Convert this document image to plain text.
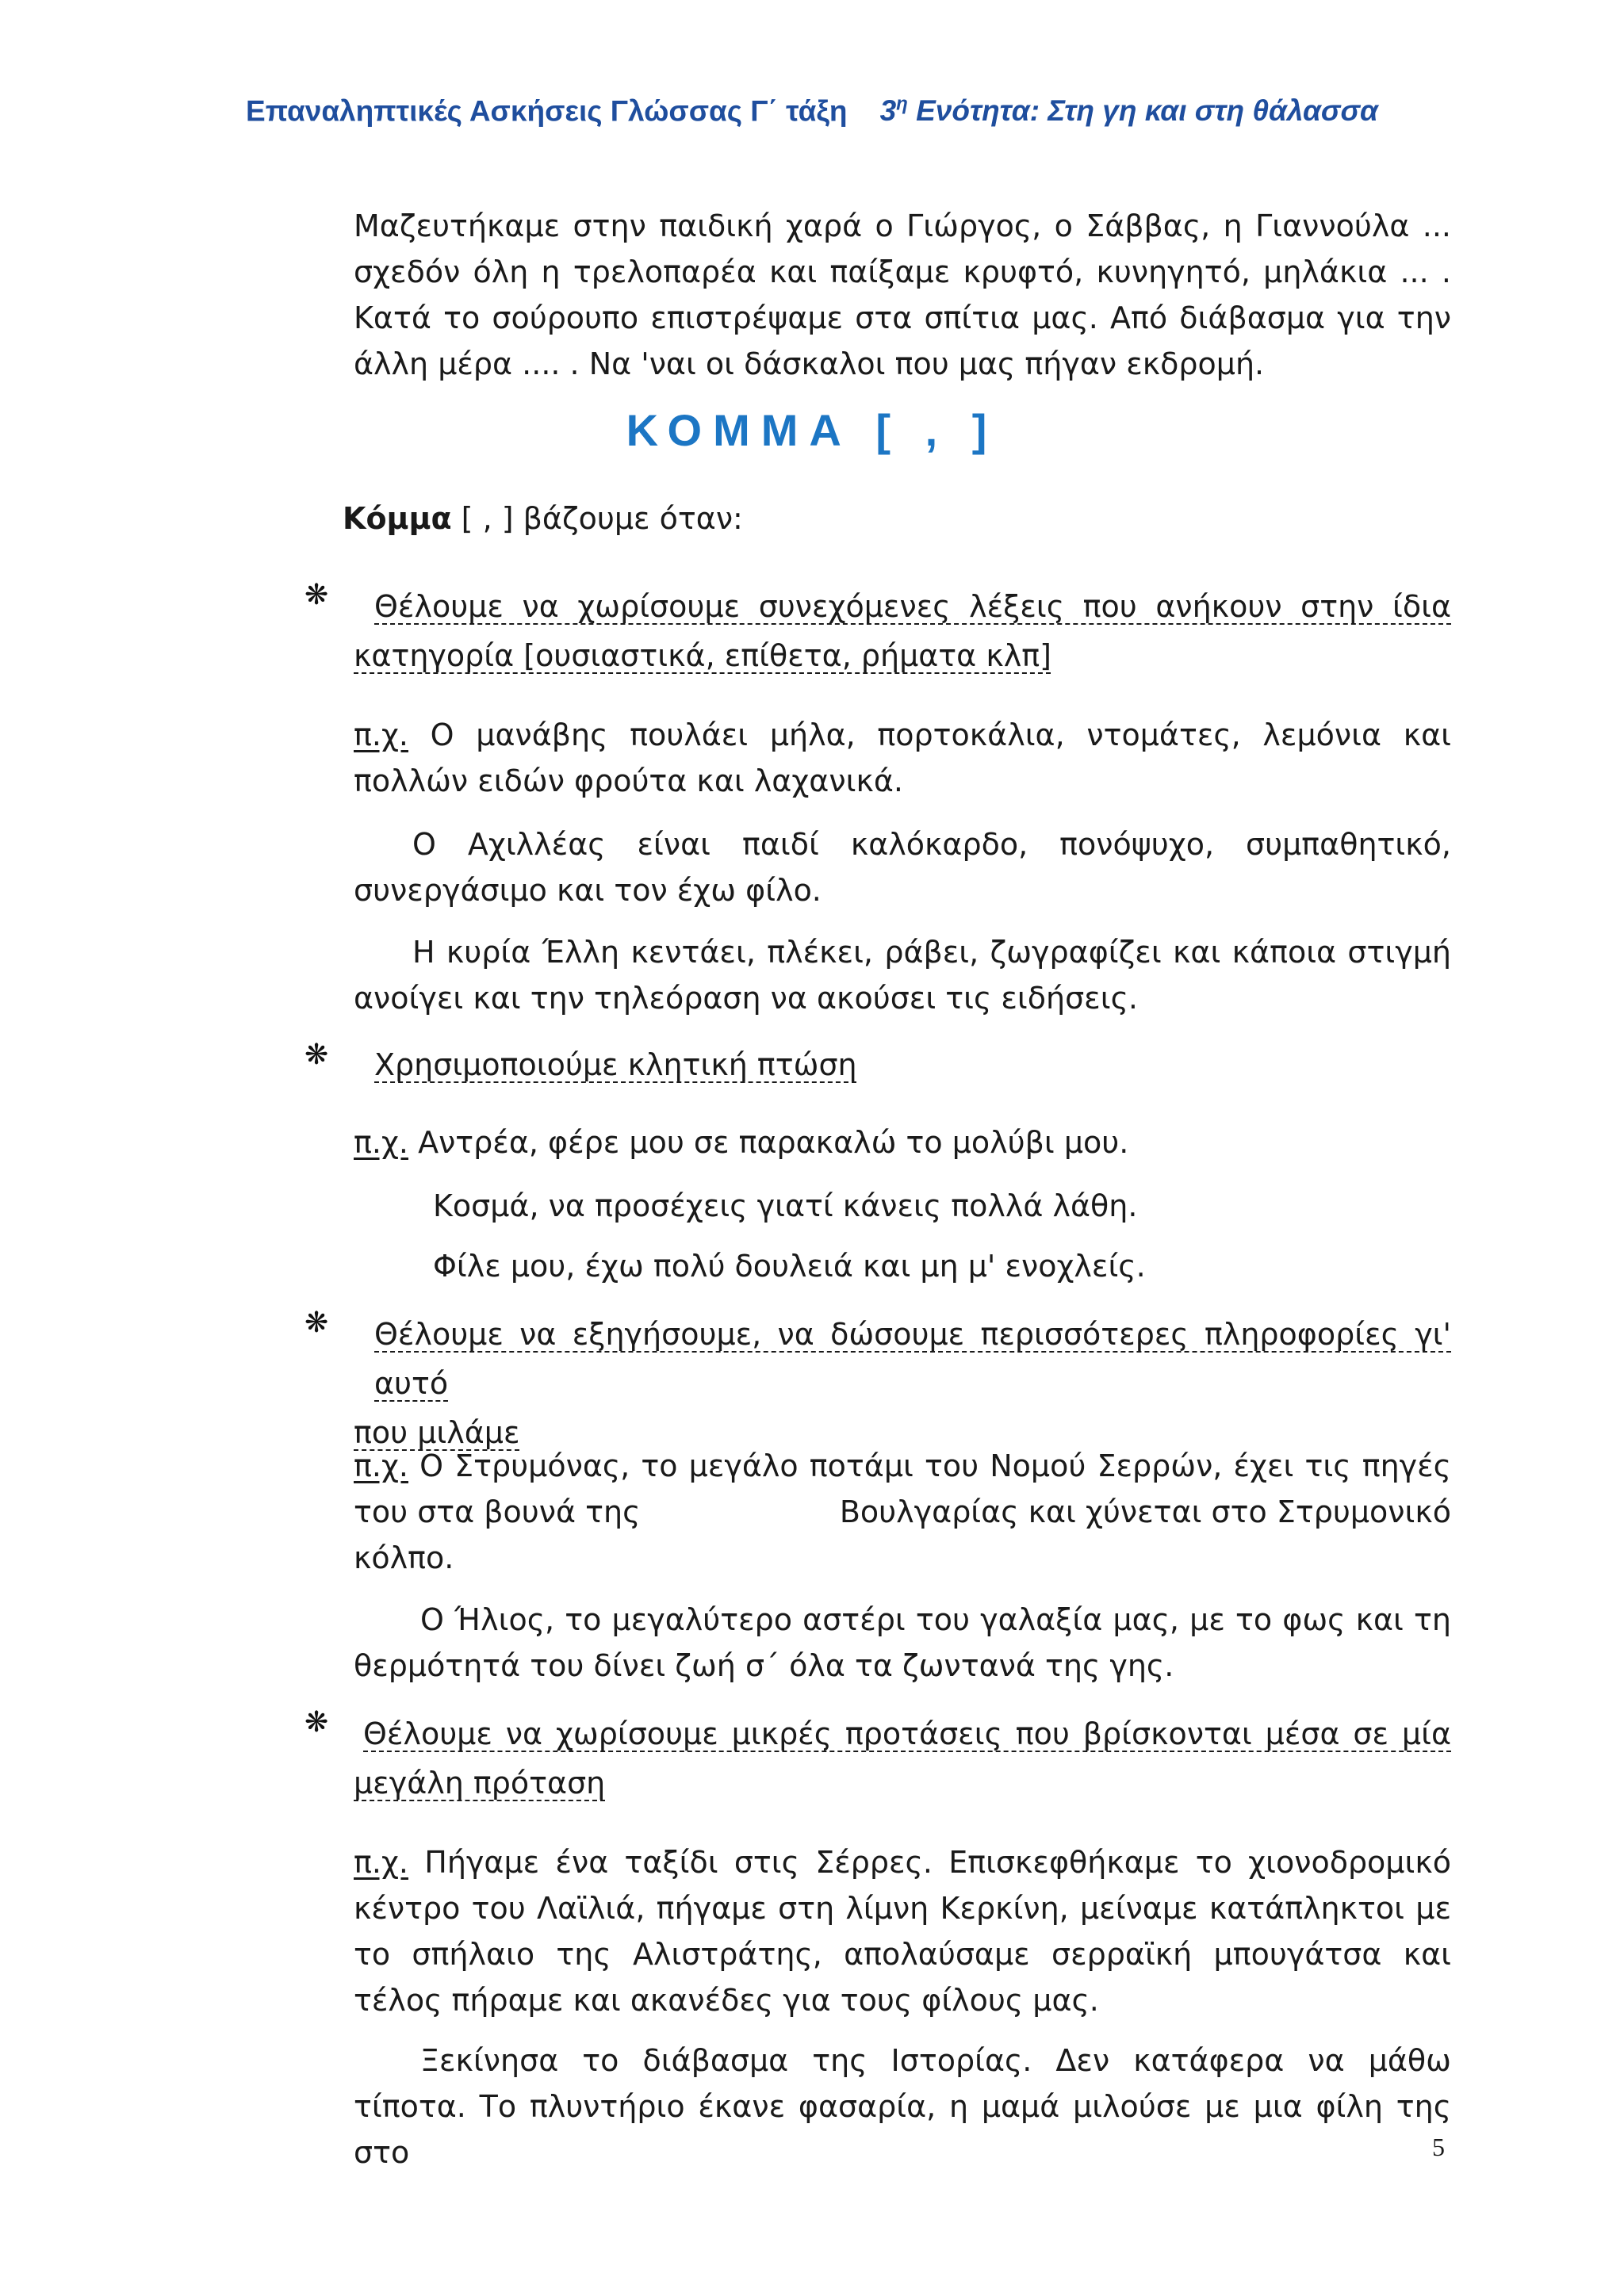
Επαναληπτικές Ασκήσεις Γλώσσας Γ΄ τάξη $3^\eta$ Ενότητα: Στη γη και στη θάλασσα

Μαζευτήκαμε στην παιδική χαρά ο Γιώργος, ο Σάββας, η Γιαννούλα ... σχεδόν όλη η τρελοπαρέα και παίξαμε κρυφτό, κυνηγητό, μηλάκια ... . Κατά το σούρουπο επιστρέψαμε στα σπίτια μας. Από διάβασμα για την άλλη μέρα .... . Να 'ναι οι δάσκαλοι που μας πήγαν εκδρομή.

ΚΟΜΜΑ [ , ]
Κόμμα [ , ] βάζουμε όταν:
❋	Θέλουμε να χωρίσουμε συνεχόμενες λέξεις που ανήκουν στην ίδια
κατηγορία [ουσιαστικά, επίθετα, ρήματα κλπ]

π.χ. Ο μανάβης πουλάει μήλα, πορτοκάλια, ντομάτες, λεμόνια και πολλών ειδών φρούτα και λαχανικά.

Ο Αχιλλέας είναι παιδί καλόκαρδο, πονόψυχο, συμπαθητικό, συνεργάσιμο και τον έχω φίλο.

Η κυρία Έλλη κεντάει, πλέκει, ράβει, ζωγραφίζει και κάποια στιγμή ανοίγει και την τηλεόραση να ακούσει τις ειδήσεις.

❋	Χρησιμοποιούμε κλητική πτώση

π.χ. Αντρέα, φέρε μου σε παρακαλώ το μολύβι μου.

Κοσμά, να προσέχεις γιατί κάνεις πολλά λάθη.

Φίλε μου, έχω πολύ δουλειά και μη μ' ενοχλείς.

❋	Θέλουμε να εξηγήσουμε, να δώσουμε περισσότερες πληροφορίες γι' αυτό
που μιλάμε
π.χ. Ο Στρυμόνας, το μεγάλο ποτάμι του Νομού Σερρών, έχει τις πηγές
του στα βουνά της	Βουλγαρίας και χύνεται στο Στρυμονικό
κόλπο.

Ο Ήλιος, το μεγαλύτερο αστέρι του γαλαξία μας, με το φως και τη θερμότητά του δίνει ζωή σ΄ όλα τα ζωντανά της γης.

❋	Θέλουμε να χωρίσουμε μικρές προτάσεις που βρίσκονται μέσα σε μία
μεγάλη πρόταση

π.χ. Πήγαμε ένα ταξίδι στις Σέρρες. Επισκεφθήκαμε το χιονοδρομικό κέντρο του Λαϊλιά, πήγαμε στη λίμνη Κερκίνη, μείναμε κατάπληκτοι με το σπήλαιο της Αλιστράτης, απολαύσαμε σερραϊκή μπουγάτσα και τέλος πήραμε και ακανέδες για τους φίλους μας.

Ξεκίνησα το διάβασμα της Ιστορίας. Δεν κατάφερα να μάθω τίποτα. Το πλυντήριο έκανε φασαρία, η μαμά μιλούσε με μια φίλη της στο	5
